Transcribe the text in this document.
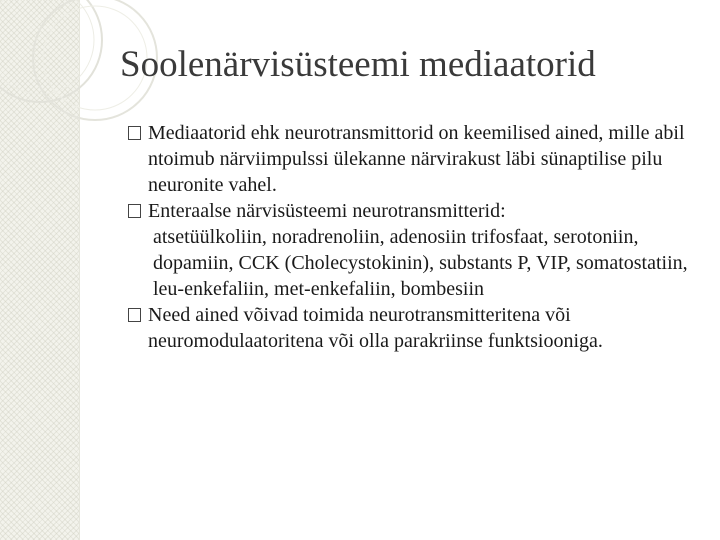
Soolenärvisüsteemi mediaatorid
Mediaatorid ehk neurotransmittorid on keemilised ained, mille abil ntoimub närviimpulssi ülekanne närvirakust läbi sünaptilise pilu neuronite vahel.
Enteraalse närvisüsteemi neurotransmitterid:
atsetüülkoliin, noradrenoliin, adenosiin trifosfaat, serotoniin, dopamiin, CCK (Cholecystokinin), substants P, VIP, somatostatiin, leu-enkefaliin, met-enkefaliin, bombesiin
Need ained võivad toimida neurotransmitteritena või neuromodulaatoritena või olla parakriinse funktsiooniga.
